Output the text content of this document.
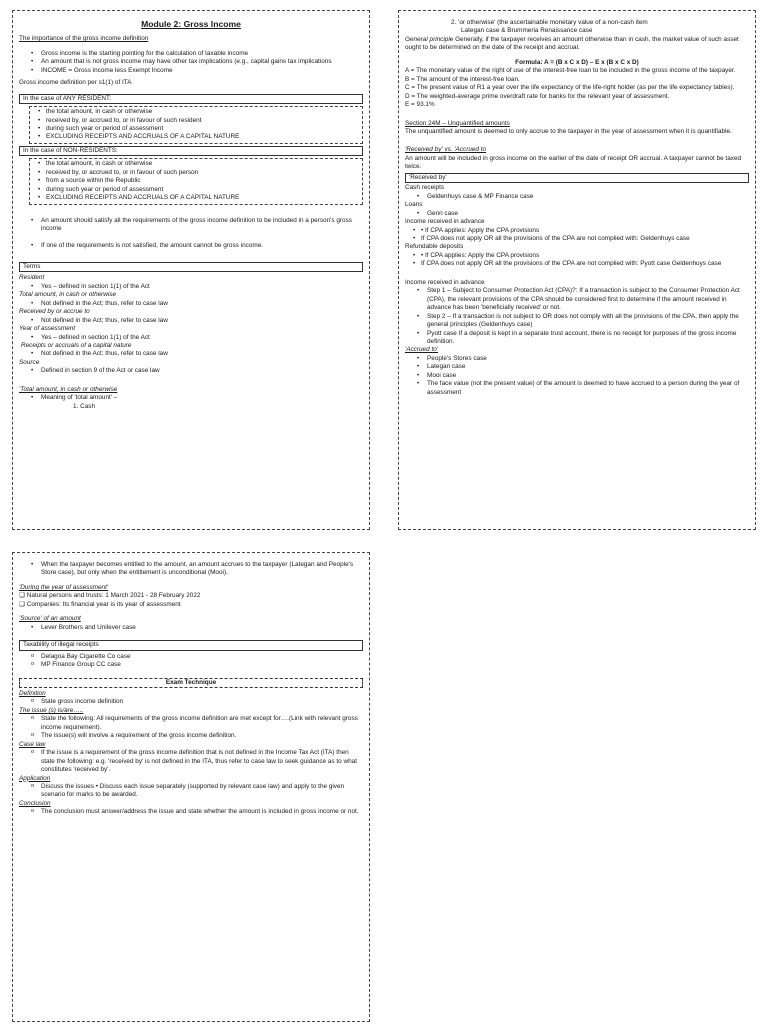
Module 2: Gross Income
The importance of the gross income definition
• Gross income is the starting pointing for the calculation of taxable income
• An amount that is not gross income may have other tax implications (e.g., capital gains tax implications
• INCOME = Gross income less Exempt Income
Gross income definition per s1(1) of ITA
In the case of ANY RESIDENT:
• the total amount, in cash or otherwise
• received by, or accrued to, or in favour of such resident
• during such year or period of assessment
• EXCLUDING RECEIPTS AND ACCRUALS OF A CAPITAL NATURE
In the case of NON-RESIDENTS:
• the total amount, in cash or otherwise
• received by, or accrued to, or in favour of such person
• from a source within the Republic
• during such year or period of assessment
• EXCLUDING RECEIPTS AND ACCRUALS OF A CAPITAL NATURE
• An amount should satisfy all the requirements of the gross income definition to be included in a person's gross income
• If one of the requirements is not satisfied, the amount cannot be gross income.
Terms
Resident
• Yes – defined in section 1(1) of the Act
Total amount, in cash or otherwise
• Not defined in the Act; thus, refer to case law
Received by or accrue to
• Not defined in the Act; thus, refer to case law
Year of assessment
• Yes – defined in section 1(1) of the Act
Receipts or accruals of a capital nature
• Not defined in the Act; thus, refer to case law
Source
• Defined in section 9 of the Act or case law
'Total amount, in cash or otherwise
• Meaning of 'total amount' –
1. Cash
2. 'or otherwise' (the ascertainable monetary value of a non-cash item
Lategan case & Brummeria Renaissance case
General principle Generally, if the taxpayer receives an amount otherwise than in cash, the market value of such asset ought to be determined on the date of the receipt and accrual.
Formula: A = (B x C x D) – E x (B x C x D)
A = The monetary value of the right of use of the interest-free loan to be included in the gross income of the taxpayer.
B = The amount of the interest-free loan.
C = The present value of R1 a year over the life expectancy of the life-right holder (as per the life expectancy tables).
D = The weighted-average prime overdraft rate for banks for the relevant year of assessment.
E = 93.1%
Section 24M – Unquantified amounts
The unquantified amount is deemed to only accrue to the taxpayer in the year of assessment when it is quantifiable.
'Received by' vs. 'Accrued to
An amount will be included in gross income on the earlier of the date of receipt OR accrual. A taxpayer cannot be taxed twice.
'Received by'
Cash receipts
• Geldenhuys case & MP Finance case
Loans
• Genn case
Income received in advance
• • If CPA applies: Apply the CPA provisions
• If CPA does not apply OR all the provisions of the CPA are not complied with: Geldenhuys case
Refundable deposits
• • If CPA applies: Apply the CPA provisions
• If CPA does not apply OR all the provisions of the CPA are not complied with: Pyott case Geldenhuys case
Income received in advance
• Step 1 – Subject to Consumer Protection Act (CPA)?: If a transaction is subject to the Consumer Protection Act (CPA), the relevant provisions of the CPA should be considered first to determine if the amount received in advance has been 'beneficially received' or not.
• Step 2 – If a transaction is not subject to OR does not comply with all the provisions of the CPA, then apply the general principles (Geldenhuys case)
• Pyott case If a deposit is kept in a separate trust account, there is no receipt for purposes of the gross income definition.
'Accrued to'
• People's Stores case
• Lategan case
• Mooi case
• The face value (not the present value) of the amount is deemed to have accrued to a person during the year of assessment
• When the taxpayer becomes entitled to the amount, an amount accrues to the taxpayer (Lategan and People's Store case), but only when the entitlement is unconditional (Mooi).
'During the year of assessment'
❏ Natural persons and trusts: 1 March 2021 - 28 February 2022
❏ Companies: Its financial year is its year of assessment
'Source' of an amount
• Lever Brothers and Unilever case
Taxability of illegal receipts
o Delagoa Bay Cigarette Co case
o MP Finance Group CC case
Exam Technique
Definition
o State gross income definition
The issue (s) is/are…..
o State the following: All requirements of the gross income definition are met except for….(Link with relevant gross income requirement).
o The issue(s) will involve a requirement of the gross income definition.
Case law
o If the issue is a requirement of the gross income definition that is not defined in the Income Tax Act (ITA) then state the following: e.g. 'received by' is not defined in the ITA, thus refer to case law to seek guidance as to what constitutes 'received by'.
Application
o Discuss the issues • Discuss each issue separately (supported by relevant case law) and apply to the given scenario for marks to be awarded.
Conclusion
o The conclusion must answer/address the issue and state whether the amount is included in gross income or not.
